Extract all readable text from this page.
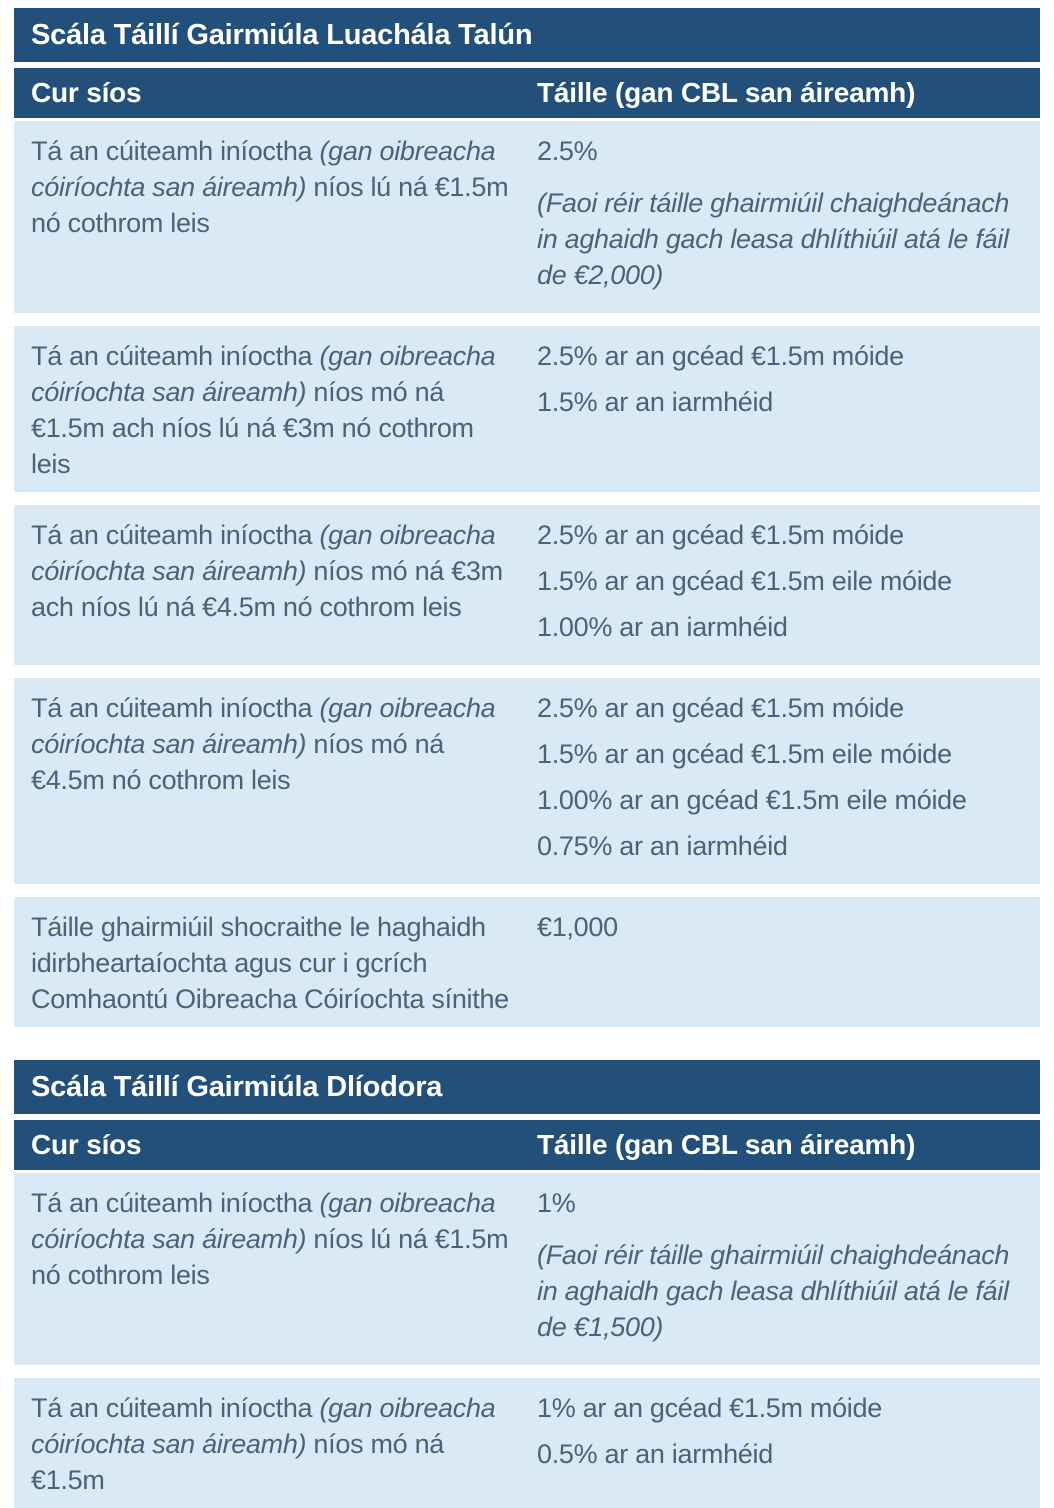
Scála Táillí Gairmiúla Luachála Talún
Cur síos	Táille (gan CBL san áireamh)
Tá an cúiteamh iníoctha (gan oibreacha cóiríochta san áireamh) níos lú ná €1.5m nó cothrom leis

2.5%

(Faoi réir táille ghairmiúil chaighdeánach in aghaidh gach leasa dhlíthiúil atá le fáil de €2,000)

Tá an cúiteamh iníoctha (gan oibreacha cóiríochta san áireamh) níos mó ná €1.5m ach níos lú ná €3m nó cothrom leis

2.5% ar an gcéad €1.5m móide

1.5% ar an iarmhéid

Tá an cúiteamh iníoctha (gan oibreacha cóiríochta san áireamh) níos mó ná €3m ach níos lú ná €4.5m nó cothrom leis

2.5% ar an gcéad €1.5m móide

1.5% ar an gcéad €1.5m eile móide

1.00% ar an iarmhéid

Tá an cúiteamh iníoctha (gan oibreacha cóiríochta san áireamh) níos mó ná €4.5m nó cothrom leis

2.5% ar an gcéad €1.5m móide

1.5% ar an gcéad €1.5m eile móide

1.00% ar an gcéad €1.5m eile móide

0.75% ar an iarmhéid

Táille ghairmiúil shocraithe le haghaidh idirbheartaíochta agus cur i gcrích Comhaontú Oibreacha Cóiríochta sínithe

€1,000

Scála Táillí Gairmiúla Dlíodora
Cur síos	Táille (gan CBL san áireamh)
Tá an cúiteamh iníoctha (gan oibreacha cóiríochta san áireamh) níos lú ná €1.5m nó cothrom leis

1%

(Faoi réir táille ghairmiúil chaighdeánach in aghaidh gach leasa dhlíthiúil atá le fáil de €1,500)

Tá an cúiteamh iníoctha (gan oibreacha cóiríochta san áireamh) níos mó ná €1.5m

1% ar an gcéad €1.5m móide

0.5% ar an iarmhéid
